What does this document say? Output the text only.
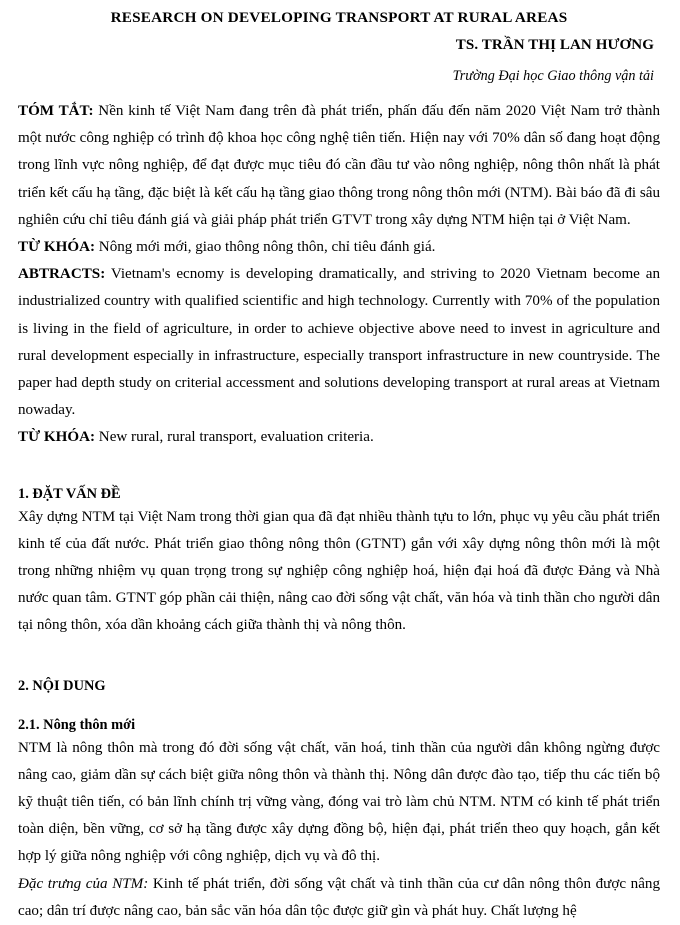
RESEARCH ON DEVELOPING TRANSPORT AT RURAL AREAS
TS. TRẦN THỊ LAN HƯƠNG
Trường Đại học Giao thông vận tải

TÓM TẮT: Nền kinh tế Việt Nam đang trên đà phát triển, phấn đấu đến năm 2020 Việt Nam trở thành một nước công nghiệp có trình độ khoa học công nghệ tiên tiến. Hiện nay với 70% dân số đang hoạt động trong lĩnh vực nông nghiệp, để đạt được mục tiêu đó cần đầu tư vào nông nghiệp, nông thôn nhất là phát triển kết cấu hạ tầng, đặc biệt là kết cấu hạ tầng giao thông trong nông thôn mới (NTM). Bài báo đã đi sâu nghiên cứu chỉ tiêu đánh giá và giải pháp phát triển GTVT trong xây dựng NTM hiện tại ở Việt Nam.

TỪ KHÓA: Nông mới mới, giao thông nông thôn, chỉ tiêu đánh giá.

ABTRACTS: Vietnam's ecnomy is developing dramatically, and striving to 2020 Vietnam become an industrialized country with qualified scientific and high technology. Currently with 70% of the population is living in the field of agriculture, in order to achieve objective above need to invest in agriculture and rural development especially in infrastructure, especially transport infrastructure in new countryside. The paper had depth study on criterial accessment and solutions developing transport at rural areas at Vietnam nowaday.

TỪ KHÓA: New rural, rural transport, evaluation criteria.

1. ĐẶT VẤN ĐỀ

Xây dựng NTM tại Việt Nam trong thời gian qua đã đạt nhiều thành tựu to lớn, phục vụ yêu cầu phát triển kinh tế của đất nước. Phát triển giao thông nông thôn (GTNT) gắn với xây dựng nông thôn mới là một trong những nhiệm vụ quan trọng trong sự nghiệp công nghiệp hoá, hiện đại hoá đã được Đảng và Nhà nước quan tâm. GTNT góp phần cải thiện, nâng cao đời sống vật chất, văn hóa và tinh thần cho người dân tại nông thôn, xóa dần khoảng cách giữa thành thị và nông thôn.

2. NỘI DUNG
2.1. Nông thôn mới

NTM là nông thôn mà trong đó đời sống vật chất, văn hoá, tinh thần của người dân không ngừng được nâng cao, giảm dần sự cách biệt giữa nông thôn và thành thị. Nông dân được đào tạo, tiếp thu các tiến bộ kỹ thuật tiên tiến, có bản lĩnh chính trị vững vàng, đóng vai trò làm chủ NTM. NTM có kinh tế phát triển toàn diện, bền vững, cơ sở hạ tầng được xây dựng đồng bộ, hiện đại, phát triển theo quy hoạch, gắn kết hợp lý giữa nông nghiệp với công nghiệp, dịch vụ và đô thị.

Đặc trưng của NTM: Kinh tế phát triển, đời sống vật chất và tinh thần của cư dân nông thôn được nâng cao; dân trí được nâng cao, bản sắc văn hóa dân tộc được giữ gìn và phát huy. Chất lượng hệ
